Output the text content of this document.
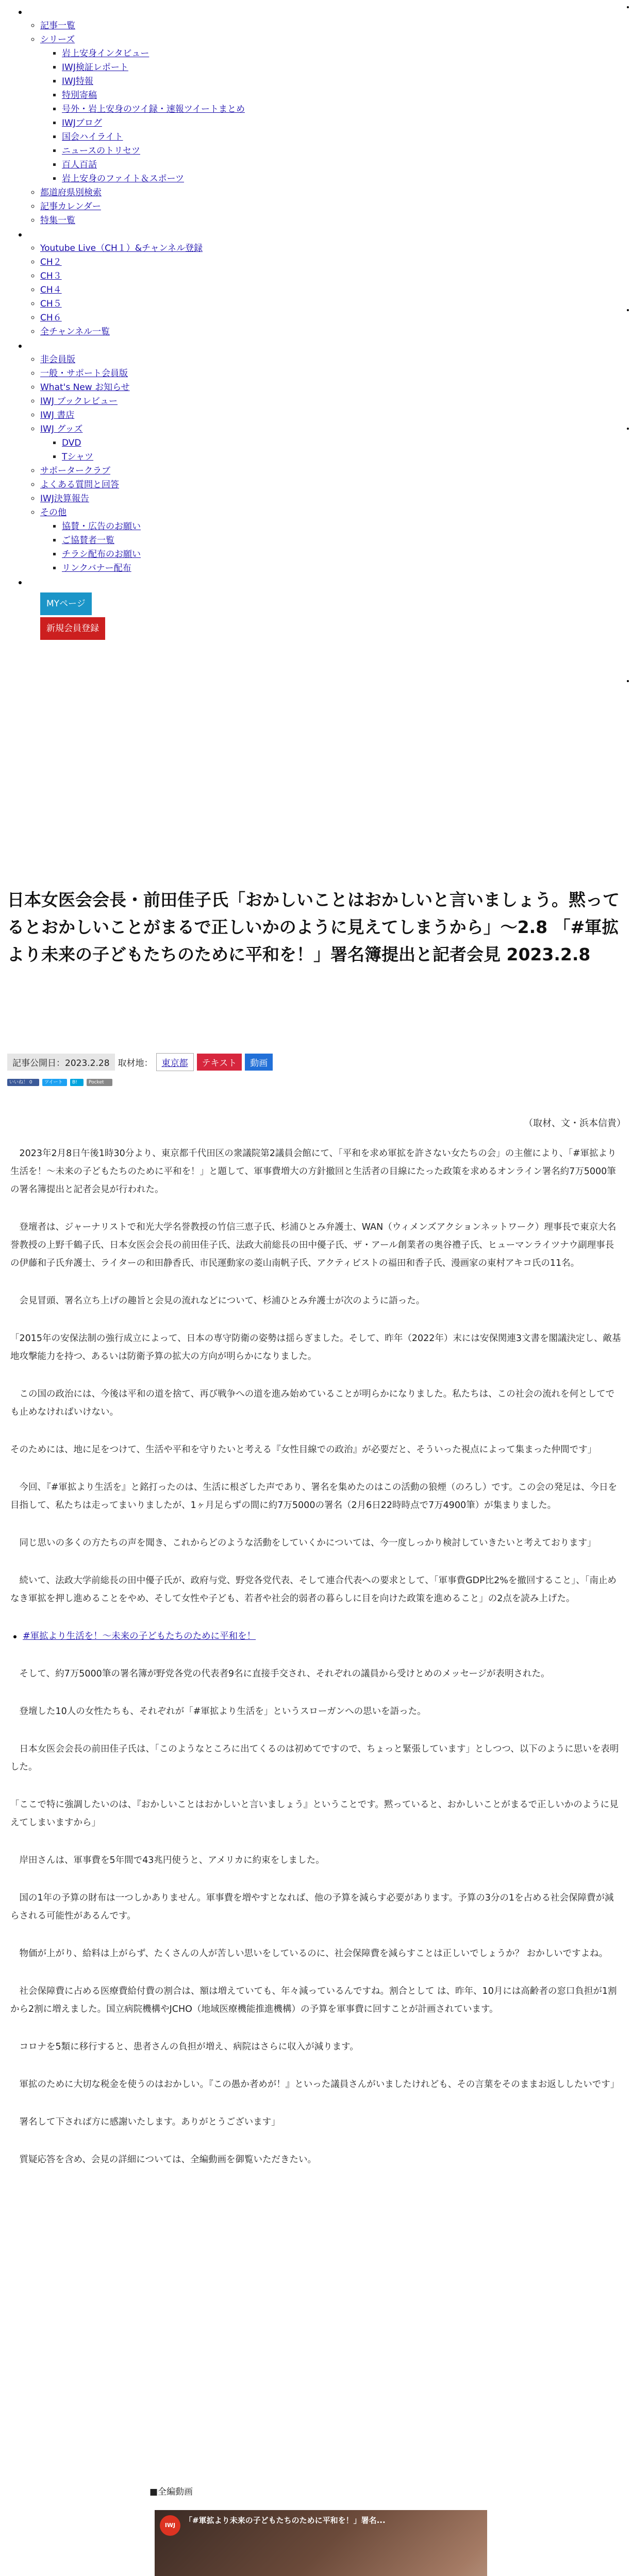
◦ 記事一覧
◦ シリーズ
▪ 岩上安身インタビュー
▪ IWJ検証レポート
▪ IWJ特報
▪ 特別寄稿
▪ 号外・岩上安身のツイ録・速報ツイートまとめ
▪ IWJブログ
▪ 国会ハイライト
▪ ニュースのトリセツ
▪ 百人百話
▪ 岩上安身のファイト＆スポーツ
◦ 都道府県別検索
◦ 記事カレンダー
◦ 特集一覧
◦ Youtube Live（CH１）&チャンネル登録
◦ CH２
◦ CH３
◦ CH４
◦ CH５
◦ CH６
◦ 全チャンネル一覧
◦ 非会員版
◦ 一般・サポート会員版
◦ What's New お知らせ
◦ IWJ ブックレビュー
◦ IWJ 書店
◦ IWJ グッズ
▪ DVD
▪ Tシャツ
◦ サポータークラブ
◦ よくある質問と回答
◦ IWJ決算報告
◦ その他
▪ 協賛・広告のお願い
▪ ご協賛者一覧
▪ チラシ配布のお願い
▪ リンクバナー配布
MYページ
新規会員登録
日本女医会会長・前田佳子氏「おかしいことはおかしいと言いましょう。黙ってるとおかしいことがまるで正しいかのように見えてしまうから」〜2.8 「#軍拡より未来の子どもたちのために平和を！」署名簿提出と記者会見 2023.2.8
記事公開日：2023.2.28 取材地：	東京都	テキスト	動画
いいね！ 0	ツイート	B!	Pocket
（取材、文・浜本信貴）

　2023年2月8日午後1時30分より、東京都千代田区の衆議院第2議員会館にて、「平和を求め軍拡を許さない女たちの会」の主催により、「#軍拡より生活を！〜未来の子どもたちのために平和を！」と題して、軍事費増大の方針撤回と生活者の目線にたった政策を求めるオンライン署名約7万5000筆の署名簿提出と記者会見が行われた。

　登壇者は、ジャーナリストで和光大学名誉教授の竹信三恵子氏、杉浦ひとみ弁護士、WAN（ウィメンズアクションネットワーク）理事長で東京大名誉教授の上野千鶴子氏、日本女医会会長の前田佳子氏、法政大前総長の田中優子氏、ザ・アール創業者の奥谷禮子氏、ヒューマンライツナウ副理事長の伊藤和子氏弁護士、ライターの和田静香氏、市民運動家の菱山南帆子氏、アクティビストの福田和香子氏、漫画家の東村アキコ氏の11名。

　会見冒頭、署名立ち上げの趣旨と会見の流れなどについて、杉浦ひとみ弁護士が次のように語った。

「2015年の安保法制の強行成立によって、日本の専守防衛の姿勢は揺らぎました。そして、昨年（2022年）末には安保関連3文書を閣議決定し、敵基地攻撃能力を持つ、あるいは防衛予算の拡大の方向が明らかになりました。

　この国の政治には、今後は平和の道を捨て、再び戦争への道を進み始めていることが明らかになりました。私たちは、この社会の流れを何としてでも止めなければいけない。

そのためには、地に足をつけて、生活や平和を守りたいと考える『女性目線での政治』が必要だと、そういった視点によって集まった仲間です」

　今回、『#軍拡より生活を』と銘打ったのは、生活に根ざした声であり、署名を集めたのはこの活動の狼煙（のろし）です。この会の発足は、今日を目指して、私たちは走ってまいりましたが、1ヶ月足らずの間に約7万5000の署名（2月6日22時時点で7万4900筆）が集まりました。

　同じ思いの多くの方たちの声を聞き、これからどのような活動をしていくかについては、今一度しっかり検討していきたいと考えております」

　続いて、法政大学前総長の田中優子氏が、政府与党、野党各党代表、そして連合代表への要求として、「軍事費GDP比2%を撤回すること」、「南止めなき軍拡を押し進めることをやめ、そして女性や子ども、若者や社会的弱者の暮らしに目を向けた政策を進めること」の2点を読み上げた。

#軍拡より生活を！〜未来の子どもたちのために平和を！

　そして、約7万5000筆の署名簿が野党各党の代表者9名に直接手交され、それぞれの議員から受けとめのメッセージが表明された。

　登壇した10人の女性たちも、それぞれが「#軍拡より生活を」というスローガンへの思いを語った。

　日本女医会会長の前田佳子氏は、「このようなところに出てくるのは初めてですので、ちょっと緊張しています」としつつ、以下のように思いを表明した。

「ここで特に強調したいのは、『おかしいことはおかしいと言いましょう』ということです。黙っていると、おかしいことがまるで正しいかのように見えてしまいますから」

　岸田さんは、軍事費を5年間で43兆円使うと、アメリカに約束をしました。

　国の1年の予算の財布は一つしかありません。軍事費を増やすとなれば、他の予算を減らす必要があります。予算の3分の1を占める社会保障費が減らされる可能性があるんです。

　物価が上がり、給料は上がらず、たくさんの人が苦しい思いをしているのに、社会保障費を減らすことは正しいでしょうか？ おかしいですよね。

　社会保障費に占める医療費給付費の割合は、額は増えていても、年々減っているんですね。割合として は、昨年、10月には高齢者の窓口負担が1割から2割に増えました。国立病院機構やJCHO（地域医療機能推進機構）の予算を軍事費に回すことが計画されています。

　コロナを5類に移行すると、患者さんの負担が増え、病院はさらに収入が減ります。

　軍拡のために大切な税金を使うのはおかしい。『この愚か者めが！』といった議員さんがいましたけれども、その言葉をそのままお返ししたいです」

　署名して下されば方に感謝いたします。ありがとうございます」

　質疑応答を含め、会見の詳細については、全編動画を御覧いただきたい。

■全編動画
IWJ
「#軍拡より未来の子どもたちのために平和を！」署名...
